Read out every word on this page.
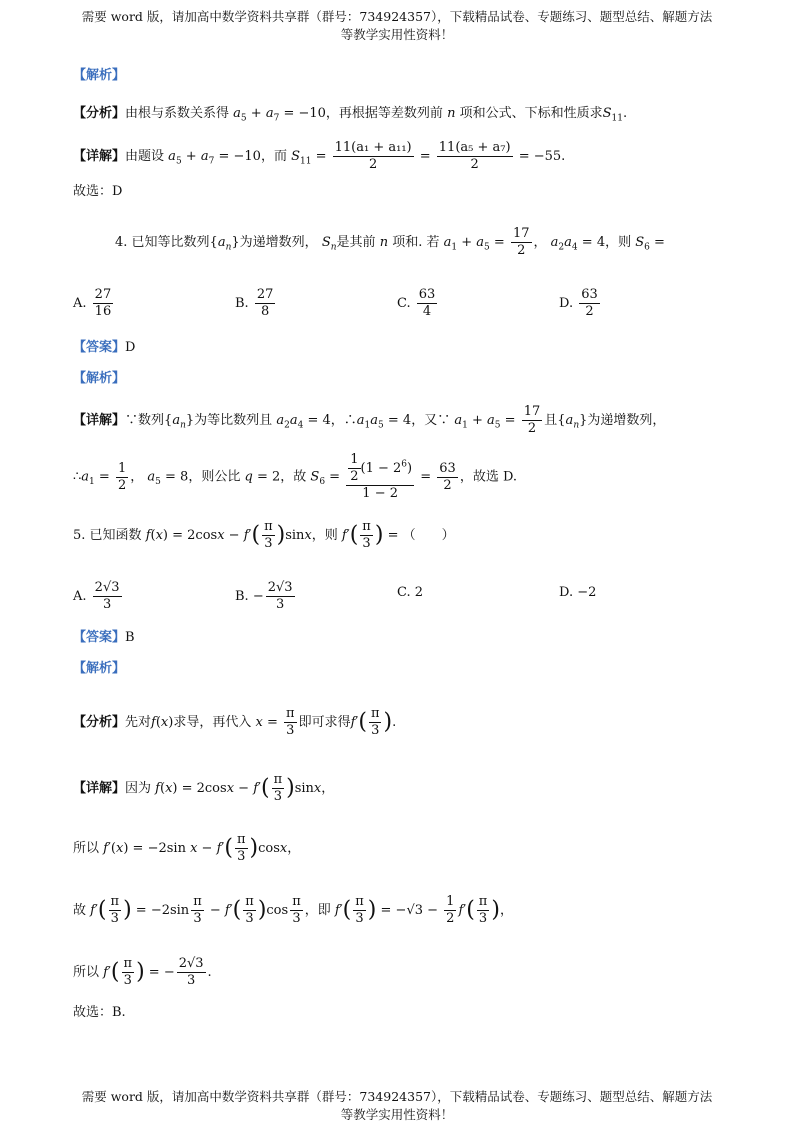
需要 word 版，请加高中数学资料共享群（群号：734924357），下载精品试卷、专题练习、题型总结、解题方法
等教学实用性资料！
【解析】
【分析】由根与系数关系得 $a_5 + a_7 = -10$，再根据等差数列前 n 项和公式、下标和性质求$S_{11}$.
【详解】由题设 $a_5 + a_7 = -10$，而 $S_{11} = \frac{\text{11(a₁ + a₁₁)}}{2} = \frac{\text{11(a₅ + a₇)}}{2} = -55$.
故选：D
4. 已知等比数列$\{a_n\}$为递增数列， $S_n$是其前 n 项和. 若 $a_1 + a_5 = \frac{17}{2}$ ， $a_2a_4 = 4$，则 $S_6$ =
A. $\frac{27}{16}$	B. $\frac{27}{8}$	C. $\frac{63}{4}$	D. $\frac{63}{2}$
【答案】D
【解析】
【详解】∵数列$\{a_n\}$为等比数列且 $a_2a_4 = 4$，$\therefore a_1a_5 = 4$，又∵ $a_1 + a_5 = \frac{17}{2}$ 且$\{a_n\}$为递增数列，
$\therefore a_1 = \frac{1}{2}$ ， $a_5 = 8$，则公比 q = 2，故 $S_6 = \frac{\frac{1}{2} (1 - 2^6)}{1 - 2} = \frac{63}{2}$ ，故选 D.
5. 已知函数 $f(x) = 2\cos x - f'( \frac{\pi}{3} )\sin x$，则 $f'( \frac{\pi}{3}$ ) = （　　）
A. $\frac{2√3}{3}$	B. − $\frac{2√3}{3}$	C. 2	D. −2
【答案】B
【解析】
【分析】先对f(x)求导，再代入 $x = \frac{\pi}{3}$ 即可求得$f'( \frac{\pi}{3}$ ).
【详解】因为 $f(x) = 2\cos x - f'( \frac{\pi}{3} )\sin x$，
所以 f′(x) = −2sin $x - f'( \frac{\pi}{3} )\cos x$，
故 $f'( \frac{\pi}{3}$ ) = $-2\sin \frac{\pi}{3} - f'( \frac{\pi}{3} )\cos \frac{\pi}{3}$ ，即 $f'( \frac{\pi}{3}$ ) = $-√3 - \frac{1}{2} f'( \frac{\pi}{3}$ )，
所以 $f'( \frac{\pi}{3}$ ) = − $\frac{2√3}{3}$ .
故选：B.
需要 word 版，请加高中数学资料共享群（群号：734924357），下载精品试卷、专题练习、题型总结、解题方法
等教学实用性资料！
